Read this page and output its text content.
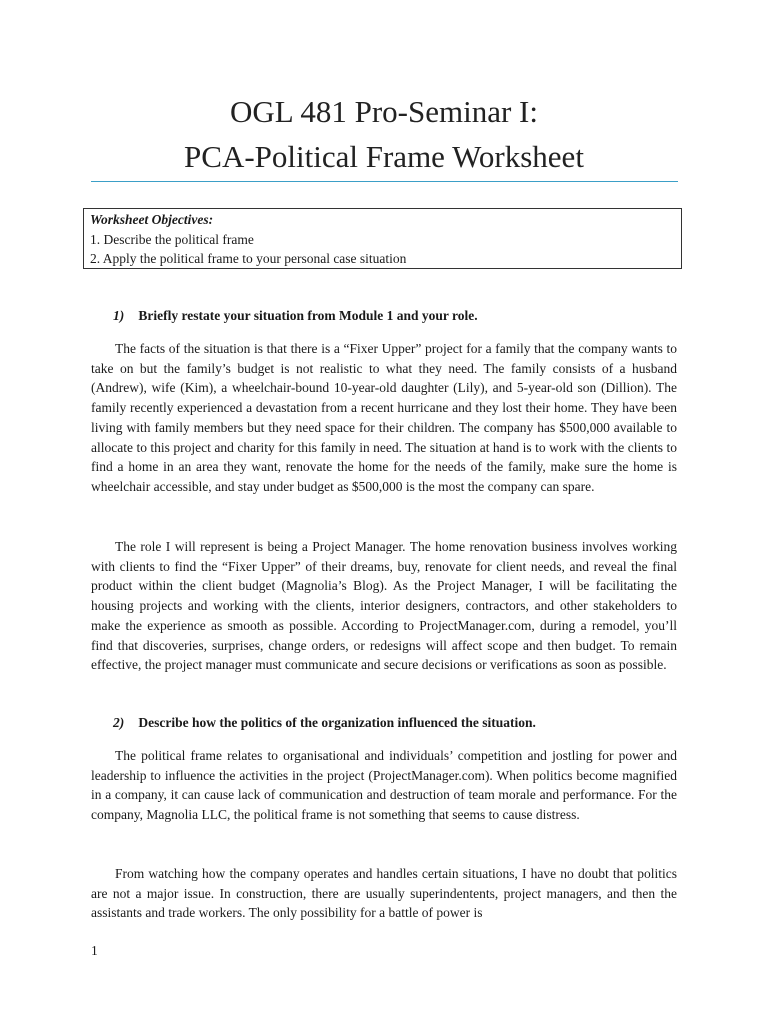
OGL 481 Pro-Seminar I:
PCA-Political Frame Worksheet
Worksheet Objectives:
1. Describe the political frame
2. Apply the political frame to your personal case situation
1) Briefly restate your situation from Module 1 and your role.

The facts of the situation is that there is a “Fixer Upper” project for a family that the company wants to take on but the family’s budget is not realistic to what they need. The family consists of a husband (Andrew), wife (Kim), a wheelchair-bound 10-year-old daughter (Lily), and 5-year-old son (Dillion). The family recently experienced a devastation from a recent hurricane and they lost their home. They have been living with family members but they need space for their children. The company has $500,000 available to allocate to this project and charity for this family in need. The situation at hand is to work with the clients to find a home in an area they want, renovate the home for the needs of the family, make sure the home is wheelchair accessible, and stay under budget as $500,000 is the most the company can spare.

The role I will represent is being a Project Manager. The home renovation business involves working with clients to find the “Fixer Upper” of their dreams, buy, renovate for client needs, and reveal the final product within the client budget (Magnolia’s Blog). As the Project Manager, I will be facilitating the housing projects and working with the clients, interior designers, contractors, and other stakeholders to make the experience as smooth as possible. According to ProjectManager.com, during a remodel, you’ll find that discoveries, surprises, change orders, or redesigns will affect scope and then budget. To remain effective, the project manager must communicate and secure decisions or verifications as soon as possible.

2) Describe how the politics of the organization influenced the situation.

The political frame relates to organisational and individuals’ competition and jostling for power and leadership to influence the activities in the project (ProjectManager.com). When politics become magnified in a company, it can cause lack of communication and destruction of team morale and performance. For the company, Magnolia LLC, the political frame is not something that seems to cause distress.

From watching how the company operates and handles certain situations, I have no doubt that politics are not a major issue. In construction, there are usually superindentents, project managers, and then the assistants and trade workers. The only possibility for a battle of power is

1
